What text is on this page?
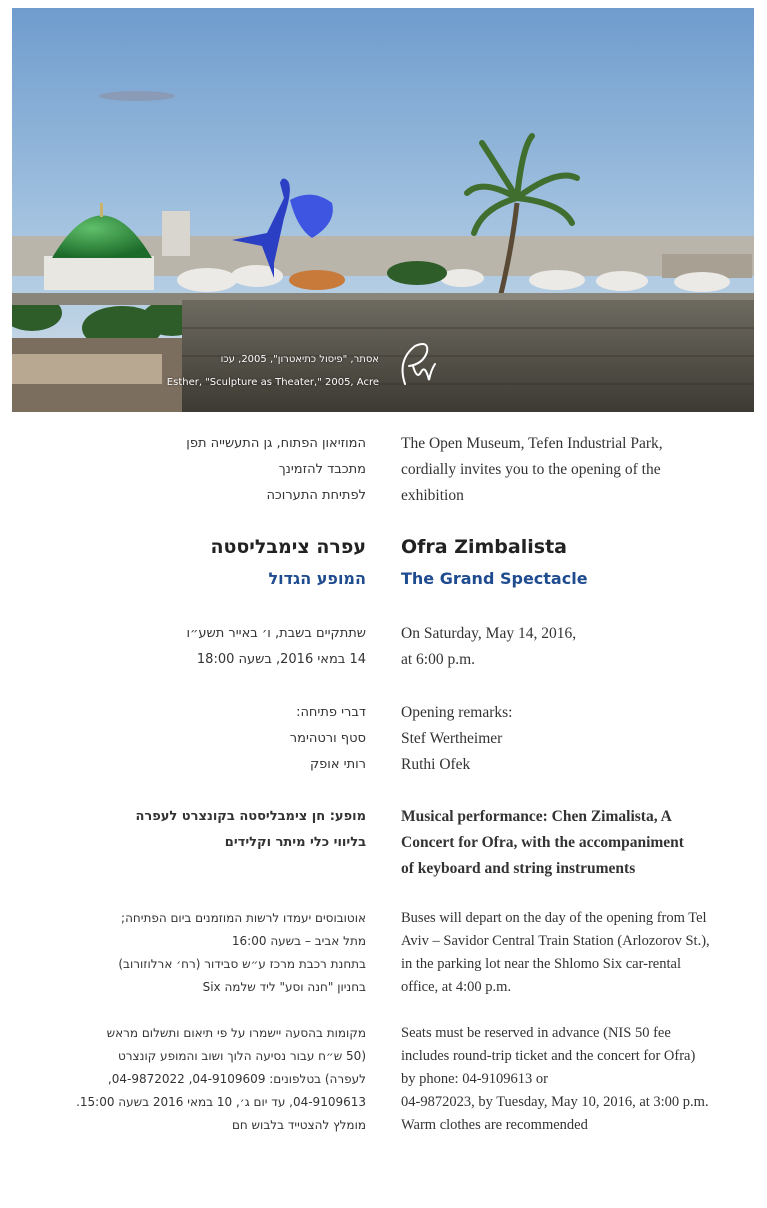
אסתר, "פיסול כתיאטרון", 2005, עכו
Esther, "Sculpture as Theater," 2005, Acre
The Open Museum, Tefen Industrial Park,
cordially invites you to the opening of the
exhibition
המוזיאון הפתוח, גן התעשייה תפן
מתכבד להזמינך
לפתיחת התערוכה
Ofra Zimbalista
The Grand Spectacle
עפרה צימבליסטה
המופע הגדול
On Saturday, May 14, 2016,
at 6:00 p.m.
שתתקיים בשבת, ו׳ באייר תשע״ו
14 במאי 2016, בשעה 18:00
Opening remarks:
Stef Wertheimer
Ruthi Ofek
דברי פתיחה:
סטף ורטהימר
רותי אופק
Musical performance: Chen Zimalista, A
Concert for Ofra, with the accompaniment
of keyboard and string instruments
מופע: חן צימבליסטה בקונצרט לעפרה
בליווי כלי מיתר וקלידים
Buses will depart on the day of the opening from Tel
Aviv – Savidor Central Train Station (Arlozorov St.),
in the parking lot near the Shlomo Six car-rental
office, at 4:00 p.m.
אוטובוסים יעמדו לרשות המוזמנים ביום הפתיחה;
מתל אביב – בשעה 16:00
בתחנת רכבת מרכז ע״ש סבידור (רח׳ ארלוזורוב)
בחניון "חנה וסע" ליד שלמה Six
Seats must be reserved in advance (NIS 50 fee
includes round-trip ticket and the concert for Ofra)
by phone: 04-9109613 or
04-9872023, by Tuesday, May 10, 2016, at 3:00 p.m.
Warm clothes are recommended
מקומות בהסעה יישמרו על פי תיאום ותשלום מראש
(50 ש״ח עבור נסיעה הלוך ושוב והמופע קונצרט
לעפרה) בטלפונים: 04-9109609, 04-9872022,
04-9109613, עד יום ג׳, 10 במאי 2016 בשעה 15:00.
מומלץ להצטייד בלבוש חם
